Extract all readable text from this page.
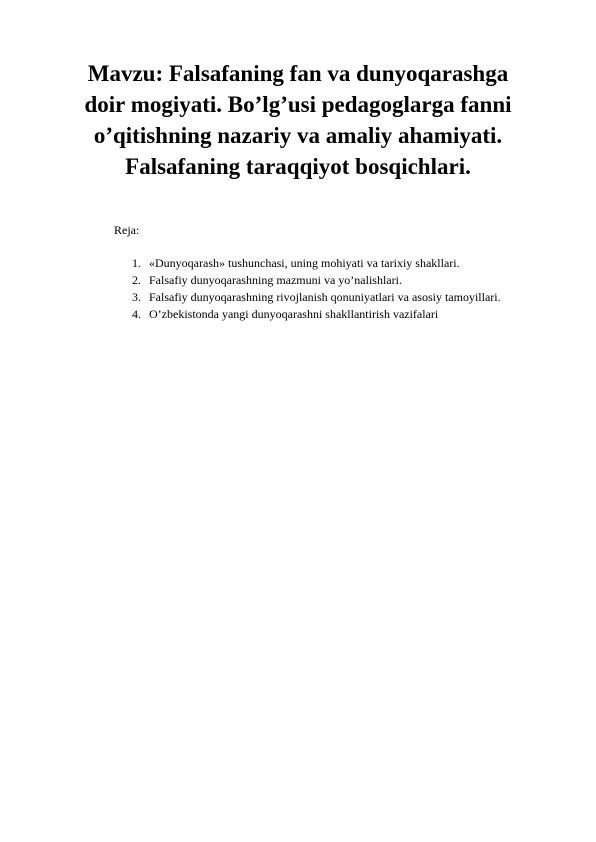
Mavzu: Falsafaning fan va dunyoqarashga doir mogiyati. Bo’lg’usi pedagoglarga fanni o’qitishning nazariy va amaliy ahamiyati. Falsafaning taraqqiyot bosqichlari.

Reja:

1. «Dunyoqarash» tushunchasi, uning mohiyati va tarixiy shakllari.
2. Falsafiy dunyoqarashning mazmuni va yo’nalishlari.
3. Falsafiy dunyoqarashning rivojlanish qonuniyatlari va asosiy tamoyillari.
4. O’zbekistonda yangi dunyoqarashni shakllantirish vazifalari
